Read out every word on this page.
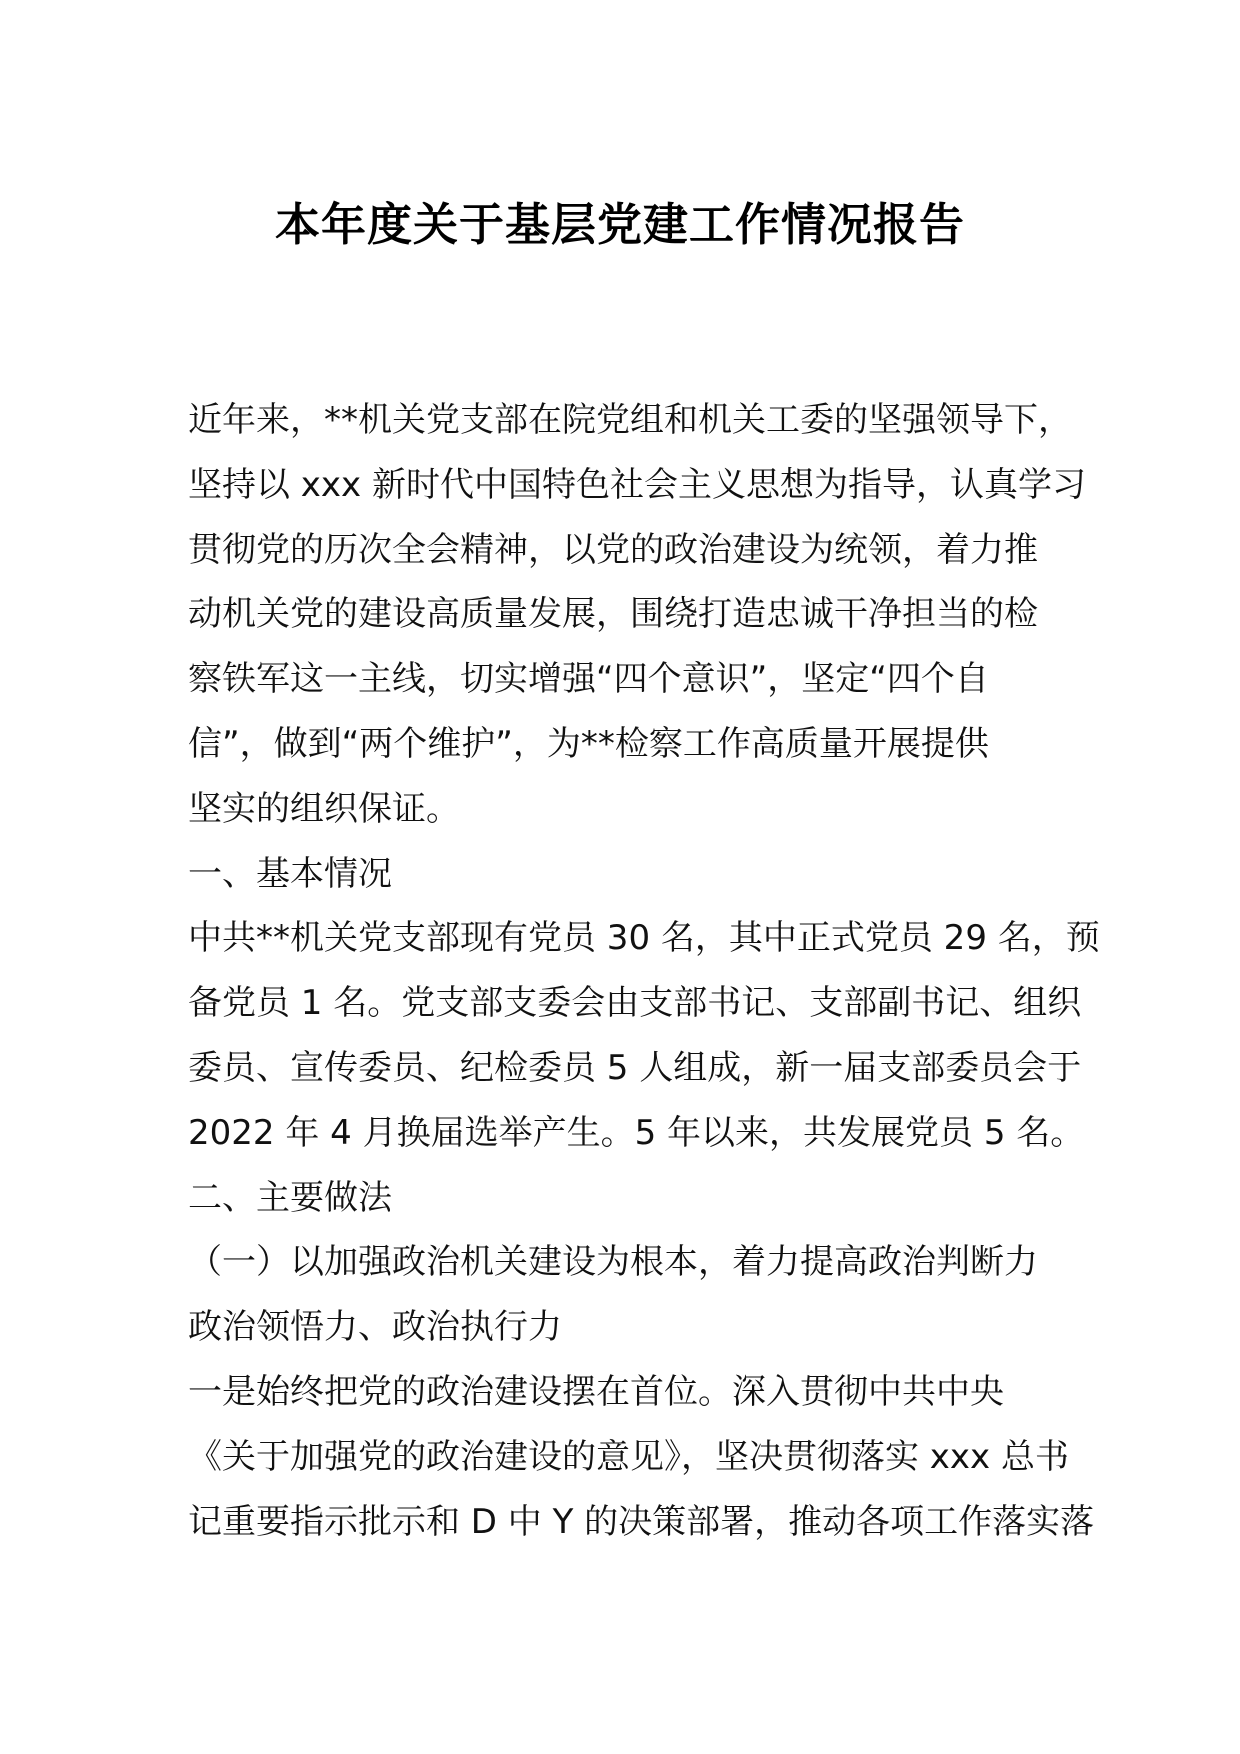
本年度关于基层党建工作情况报告
近年来，**机关党支部在院党组和机关工委的坚强领导下，
坚持以 xxx 新时代中国特色社会主义思想为指导，认真学习
贯彻党的历次全会精神，以党的政治建设为统领，着力推
动机关党的建设高质量发展，围绕打造忠诚干净担当的检
察铁军这一主线，切实增强“四个意识”，坚定“四个自
信”，做到“两个维护”，为**检察工作高质量开展提供
坚实的组织保证。
一、基本情况
中共**机关党支部现有党员 30 名，其中正式党员 29 名，预
备党员 1 名。党支部支委会由支部书记、支部副书记、组织
委员、宣传委员、纪检委员 5 人组成，新一届支部委员会于
2022 年 4 月换届选举产生。5 年以来，共发展党员 5 名。
二、主要做法
（一）以加强政治机关建设为根本，着力提高政治判断力
政治领悟力、政治执行力
一是始终把党的政治建设摆在首位。深入贯彻中共中央
《关于加强党的政治建设的意见》，坚决贯彻落实 xxx 总书
记重要指示批示和 D 中 Y 的决策部署，推动各项工作落实落
